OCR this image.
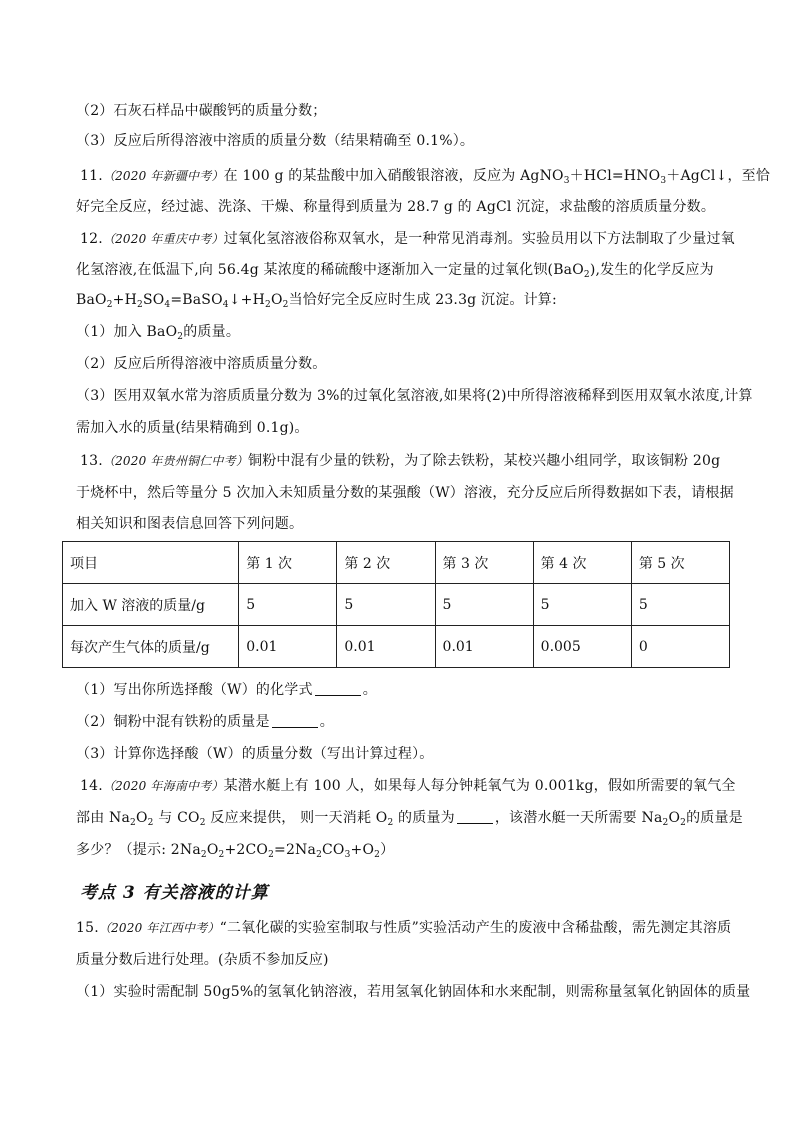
（2）石灰石样品中碳酸钙的质量分数；
（3）反应后所得溶液中溶质的质量分数（结果精确至 0.1%）。
11.（2020 年新疆中考）在 100 g 的某盐酸中加入硝酸银溶液，反应为 $AgNO_3+HCl=HNO_3+AgCl↓$，至恰
好完全反应，经过滤、洗涤、干燥、称量得到质量为 28.7 g 的 AgCl 沉淀，求盐酸的溶质质量分数。
12.（2020 年重庆中考）过氧化氢溶液俗称双氧水，是一种常见消毒剂。实验员用以下方法制取了少量过氧
化氢溶液,在低温下,向 56.4g 某浓度的稀硫酸中逐渐加入一定量的过氧化钡(BaO$_2$),发生的化学反应为
$BaO_2+H_2SO_4=BaSO_4↓+H_2O_2$当恰好完全反应时生成 23.3g 沉淀。计算:
（1）加入 BaO$_2$的质量。
（2）反应后所得溶液中溶质质量分数。
（3）医用双氧水常为溶质质量分数为 3%的过氧化氢溶液,如果将(2)中所得溶液稀释到医用双氧水浓度,计算
需加入水的质量(结果精确到 0.1g)。
13.（2020 年贵州铜仁中考）铜粉中混有少量的铁粉，为了除去铁粉，某校兴趣小组同学，取该铜粉 20g
于烧杯中，然后等量分 5 次加入未知质量分数的某强酸（W）溶液，充分反应后所得数据如下表，请根据
相关知识和图表信息回答下列问题。
项目	第 1 次	第 2 次	第 3 次	第 4 次	第 5 次
加入 W 溶液的质量/g	5	5	5	5	5
每次产生气体的质量/g	0.01	0.01	0.01	0.005	0
（1）写出你所选择酸（W）的化学式	。
（2）铜粉中混有铁粉的质量是	。
（3）计算你选择酸（W）的质量分数（写出计算过程）。
14.（2020 年海南中考）某潜水艇上有 100 人，如果每人每分钟耗氧气为 0.001kg，假如所需要的氧气全
部由 $Na_2O_2$ 与 $CO_2$ 反应来提供， 则一天消耗 $O_2$ 的质量为	，该潜水艇一天所需要 $Na_2O_2$的质量是
多少？（提示: $2Na_2O_2+2CO_2=2Na_2CO_3+O_2$）
考点 3 有关溶液的计算
15.（2020 年江西中考）“二氧化碳的实验室制取与性质”实验活动产生的废液中含稀盐酸，需先测定其溶质
质量分数后进行处理。(杂质不参加反应)
（1）实验时需配制 50g5%的氢氧化钠溶液，若用氢氧化钠固体和水来配制，则需称量氢氧化钠固体的质量
